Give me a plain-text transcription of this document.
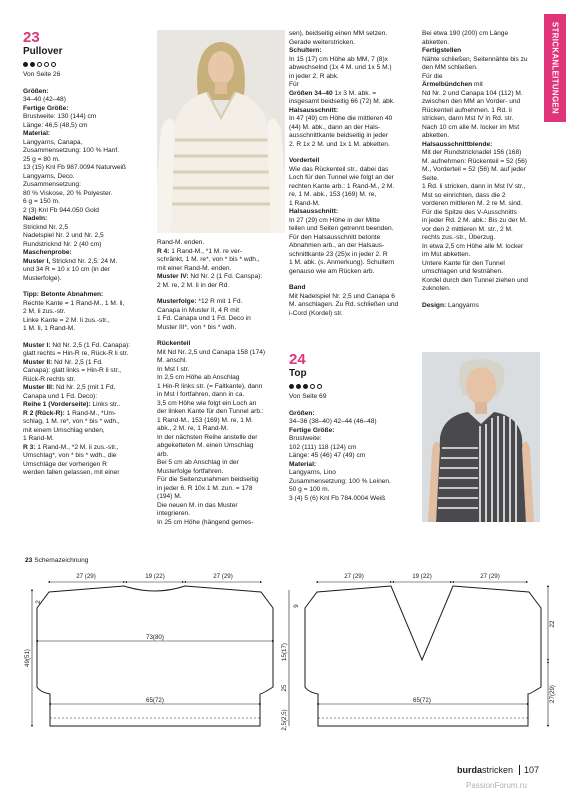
STRICKANLEITUNGEN
23
Pullover

Von Seite 26

Größen:
34–40 (42–48)

Fertige Größe:
Brustweite: 130 (144) cm
Länge: 46,5 (48,5) cm

Material:
Langyarns, Canapa,
Zusammensetzung: 100 % Hanf.
25 g = 80 m.
13 (15) Knl Fb 987.0094 Naturweiß
Langyarns, Deco.
Zusammensetzung:
80 % Viskose, 20 % Polyester.
6 g = 150 m.
2 (3) Knl Fb 944.050 Gold

Nadeln:
Stricknd Nr. 2,5
Nadelspiel Nr. 2 und Nr. 2,5
Rundstricknd Nr. 2 (40 cm)

Maschenprobe:

Muster I, Stricknd Nr. 2,5: 24 M.
und 34 R = 10 x 10 cm (in der
Musterfolge).

Tipp: Betonte Abnahmen:
Rechte Kante = 1 Rand-M., 1 M. li,
2 M. li zus.-str.
Linke Kante = 2 M. li zus.-str.,
1 M. li, 1 Rand-M.

Muster I: Nd Nr. 2,5 (1 Fd. Canapa):
glatt rechts = Hin-R re, Rück-R li str.

Muster II: Nd Nr. 2,5 (1 Fd.
Canapa): glatt links = Hin-R li str.,
Rück-R rechts str.

Muster III: Nd Nr. 2,5 (mit 1 Fd.
Canapa und 1 Fd. Deco):

Reihe 1 (Vorderseite): Links str..

R 2 (Rück-R): 1 Rand-M., *Um-
schlag, 1 M. re*, von * bis * wdh.,
mit einem Umschlag enden,
1 Rand-M.

R 3: 1 Rand-M., *2 M. li zus.-str.,
Umschlag*, von * bis * wdh., die
Umschläge der vorherigen R
werden fallen gelassen, mit einer

Rand-M. enden.

R 4: 1 Rand-M., *1 M. re ver-
schränkt, 1 M. re*, von * bis * wdh.,
mit einer Rand-M. enden.

Muster IV: Nd Nr. 2 (1 Fd. Canspa):
2 M. re, 2 M. li in der Rd.

Musterfolge: *12 R mit 1 Fd.
Canapa in Muster II, 4 R mit
1 Fd. Canapa und 1 Fd. Deco in
Muster III*, von * bis * wdh.

Rückenteil
Mit Nd Nr. 2,5 und Canapa 158 (174)
M. anschl.
In Mst I str.
In 2,5 cm Höhe ab Anschlag
1 Hin-R links str. (= Faltkante), dann
in Mst I fortfahren, dann in ca.
3,5 cm Höhe wie folgt ein Loch an
der linken Kante für den Tunnel arb.:
1 Rand-M., 153 (169) M. re, 1 M.
abk., 2 M. re, 1 Rand-M.
In der nächsten Reihe anstelle der
abgeketteten M. einen Umschlag
arb.
Bei 5 cm ab Anschlag in der
Musterfolge fortfahren.
Für die Seitenzunahmen beidseitig
in jeder 6. R 10x 1 M. zun. = 178
(194) M.
Die neuen M. in das Muster
integrieren.
In 25 cm Höhe (hängend gemes-

sen), beidseitig einen MM setzen.
Gerade weiterstricken.

Schultern:
In 15 (17) cm Höhe ab MM, 7 (8)x
abwechselnd (1x 4 M. und 1x 5 M.)
in jeder 2. R abk.
Für

Größen 34–40 1x 3 M. abk. =
insgesamt beidseitig 66 (72) M. abk.

Halsausschnitt:
In 47 (49) cm Höhe die mittleren 40
(44) M. abk., dann an der Hals-
ausschnittkante beidseitig in jeder
2. R 1x 2 M. und 1x 1 M. abketten.

Vorderteil
Wie das Rückenteil str., dabei das
Loch für den Tunnel wie folgt an der
rechten Kante arb.: 1 Rand-M., 2 M.
re, 1 M. abk., 153 (169) M. re,
1 Rand-M.

Halsausschnitt:
In 27 (29) cm Höhe in der Mitte
teilen und Seiten getrennt beenden.
Für den Halsausschnitt betonte
Abnahmen arb., an der Halsaus-
schnittkante 23 (25)x in jeder 2. R
1 M. abk. (s. Anmerkung). Schultern
genauso wie am Rücken arb.

Band
Mit Nadelspiel Nr. 2,5 und Canapa 6
M. anschlagen. Zu Rd. schließen und
i-Cord (Kordel) str.

Bei etwa 190 (200) cm Länge
abketten.

Fertigstellen
Nähte schließen, Seitennähte bis zu
den MM schließen.

Für die

Ärmelbündchen mit
Nd Nr. 2 und Canapa 104 (112) M.
zwischen den MM an Vorder- und
Rückenteil aufnehmen. 1 Rd. li
stricken, dann Mst IV in Rd. str.
Nach 10 cm alle M. locker im Mst
abketten.

Halsausschnittblende:
Mit der Rundstricknadel 156 (168)
M. aufnehmen: Rückenteil = 52 (56)
M., Vorderteil = 52 (56) M. auf jeder
Seite.
1 Rd. li stricken, dann in Mst IV str.,
Mst so einrichten, dass die 2
vorderen mittleren M. 2 re M. sind.
Für die Spitze des V-Ausschnitts
in jeder Rd. 2 M. abk.: Bis zu der M.
vor den 2 mittleren M. str., 2 M.
rechts zus.-str., Überzug.
In etwa 2,5 cm Höhe alle M. locker
im Mst abketten.
Untere Kante für den Tunnel
umschlagen und festnähen.
Kordel durch den Tunnel ziehen und
zuknoten.

Design: Langyarns

24
Top

Von Seite 69

Größen:
34–36 (38–40) 42–44 (46–48)

Fertige Größe:
Brustweite:
102 (111) 118 (124) cm
Länge: 45 (46) 47 (49) cm

Material:
Langyarns, Lino
Zusammensetzung: 100 % Leinen.
50 g = 100 m.
3 (4) 5 (6) Knl Fb 784.0004 Weiß

23 Schemazeichnung
27 (29)	19 (22)	27 (29)
73(80)
65(72)
49(51)
2
15(17)
25
2,5(2,5)
9
27 (29)	19 (22)	27 (29)
65(72)
22
27(29)
burdastricken	107
PassionForum.ru
